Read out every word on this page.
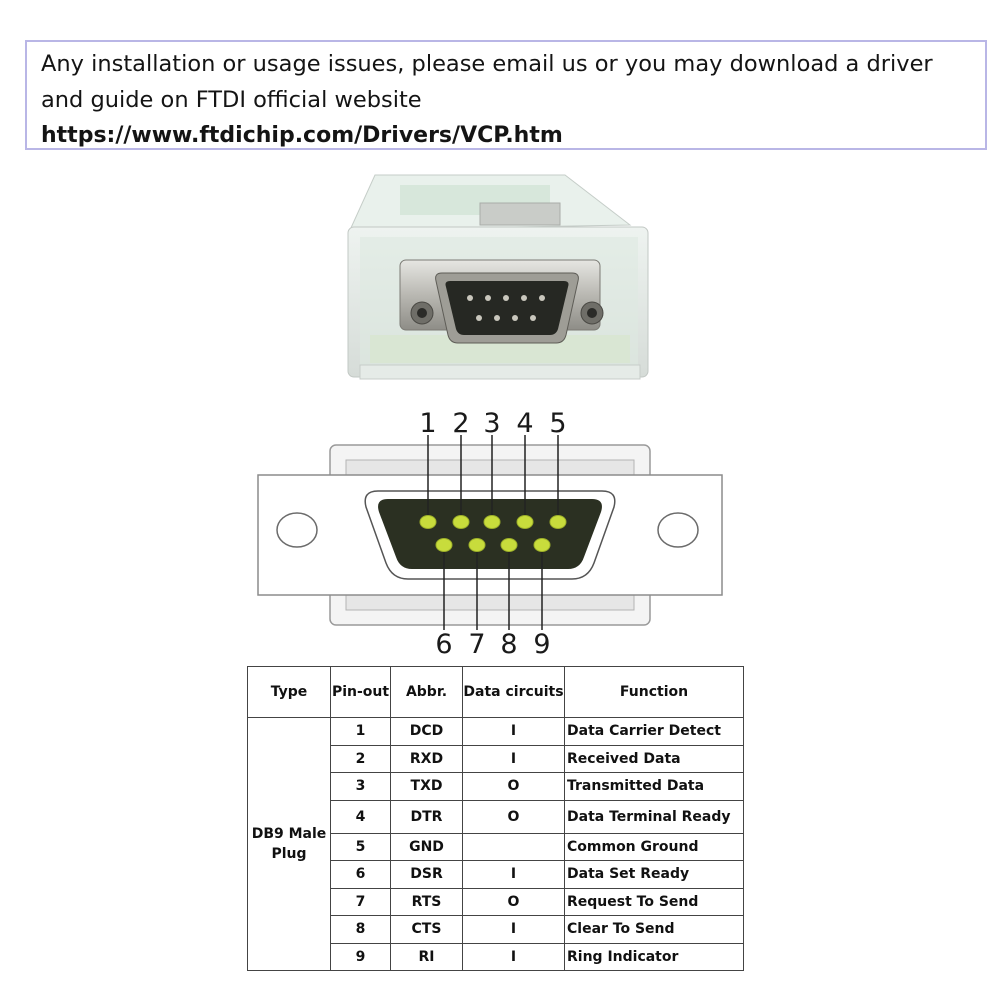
Any installation or usage issues, please email us or you may download a driver
and guide on FTDI official website
https://www.ftdichip.com/Drivers/VCP.htm
1 2 3 4 5
6 7 8 9
Type	Pin-out	Abbr.	Data circuits	Function
DB9 Male
Plug	1	DCD	I	Data Carrier Detect
	2	RXD	I	Received Data
	3	TXD	O	Transmitted Data
	4	DTR	O	Data Terminal Ready
	5	GND		Common Ground
	6	DSR	I	Data Set Ready
	7	RTS	O	Request To Send
	8	CTS	I	Clear To Send
	9	RI	I	Ring Indicator
